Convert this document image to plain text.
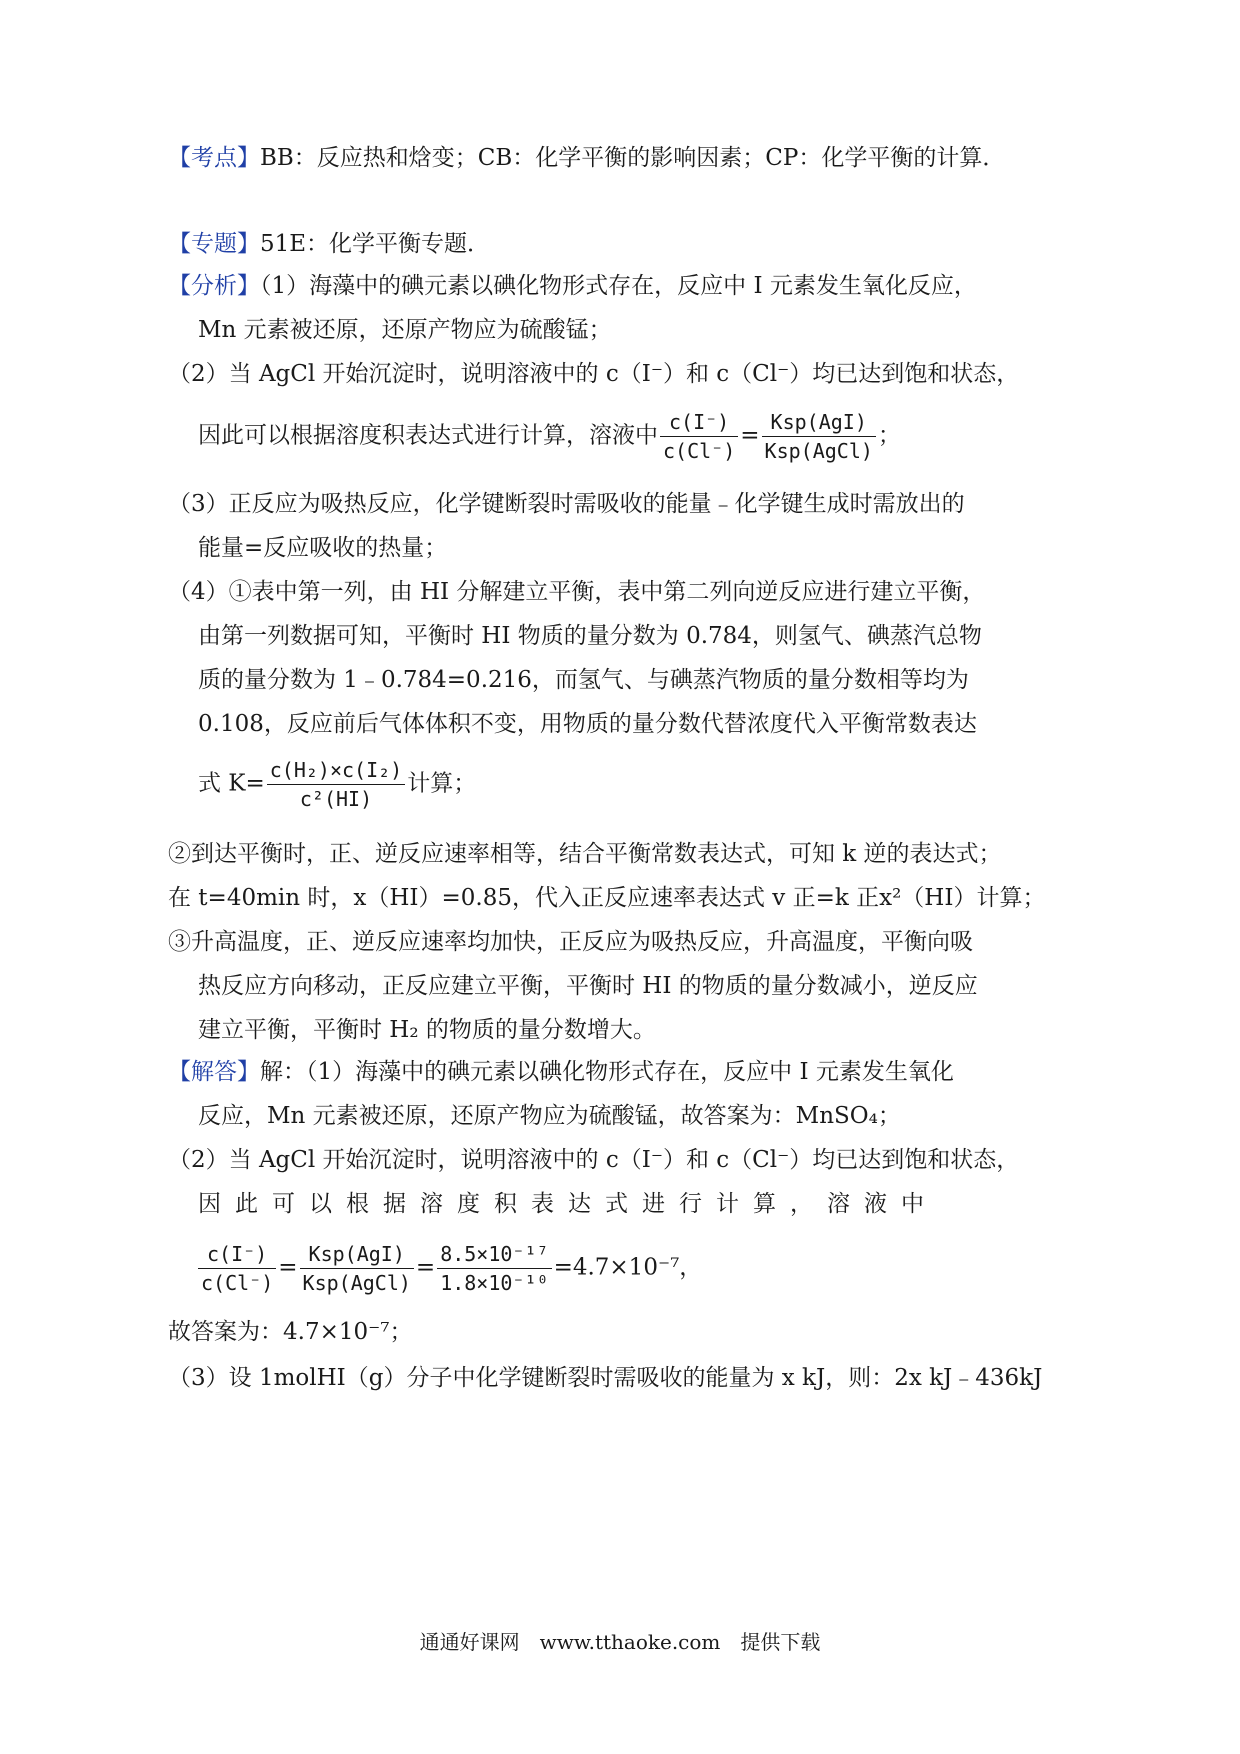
【考点】BB：反应热和焓变；CB：化学平衡的影响因素；CP：化学平衡的计算．
【专题】51E：化学平衡专题．
【分析】（1）海藻中的碘元素以碘化物形式存在，反应中 I 元素发生氧化反应，
Mn 元素被还原，还原产物应为硫酸锰；
（2）当 AgCl 开始沉淀时，说明溶液中的 c（I⁻）和 c（Cl⁻）均已达到饱和状态，
因此可以根据溶度积表达式进行计算，溶液中 $\frac{c(I^-)}{c(Cl^-)} = \frac{\text{Ksp(AgI)}}{\text{Ksp(AgCl)}}$ ；
（3）正反应为吸热反应，化学键断裂时需吸收的能量﹣化学键生成时需放出的
能量=反应吸收的热量；
（4）①表中第一列，由 HI 分解建立平衡，表中第二列向逆反应进行建立平衡，
由第一列数据可知，平衡时 HI 物质的量分数为 0.784，则氢气、碘蒸汽总物
质的量分数为 1﹣0.784=0.216，而氢气、与碘蒸汽物质的量分数相等均为
0.108，反应前后气体体积不变，用物质的量分数代替浓度代入平衡常数表达
式 $K= \frac{\text{c(H₂)×c(I₂)}}{\text{c²(HI)}}$ 计算；
②到达平衡时，正、逆反应速率相等，结合平衡常数表达式，可知 k 逆的表达式；
在 t=40min 时，x（HI）=0.85，代入正反应速率表达式 v 正=k 正x²（HI）计算；
③升高温度，正、逆反应速率均加快，正反应为吸热反应，升高温度，平衡向吸
热反应方向移动，正反应建立平衡，平衡时 HI 的物质的量分数减小，逆反应
建立平衡，平衡时 H₂ 的物质的量分数增大。
【解答】解：（1）海藻中的碘元素以碘化物形式存在，反应中 I 元素发生氧化
反应，Mn 元素被还原，还原产物应为硫酸锰，故答案为：MnSO₄；
（2）当 AgCl 开始沉淀时，说明溶液中的 c（I⁻）和 c（Cl⁻）均已达到饱和状态，
因此可以根据溶度积表达式进行计算，溶液中
$\frac{c(I^-)}{c(Cl^-)} = \frac{\text{Ksp(AgI)}}{\text{Ksp(AgCl)}} = \frac{\text{8.5×10⁻¹⁷}}{\text{1.8×10⁻¹⁰}} =4.7\times 10^{-7}$，
故答案为：4.7×10⁻⁷；
（3）设 1molHI（g）分子中化学键断裂时需吸收的能量为 x kJ，则：2x kJ﹣436kJ
通通好课网　www.tthaoke.com　提供下载
